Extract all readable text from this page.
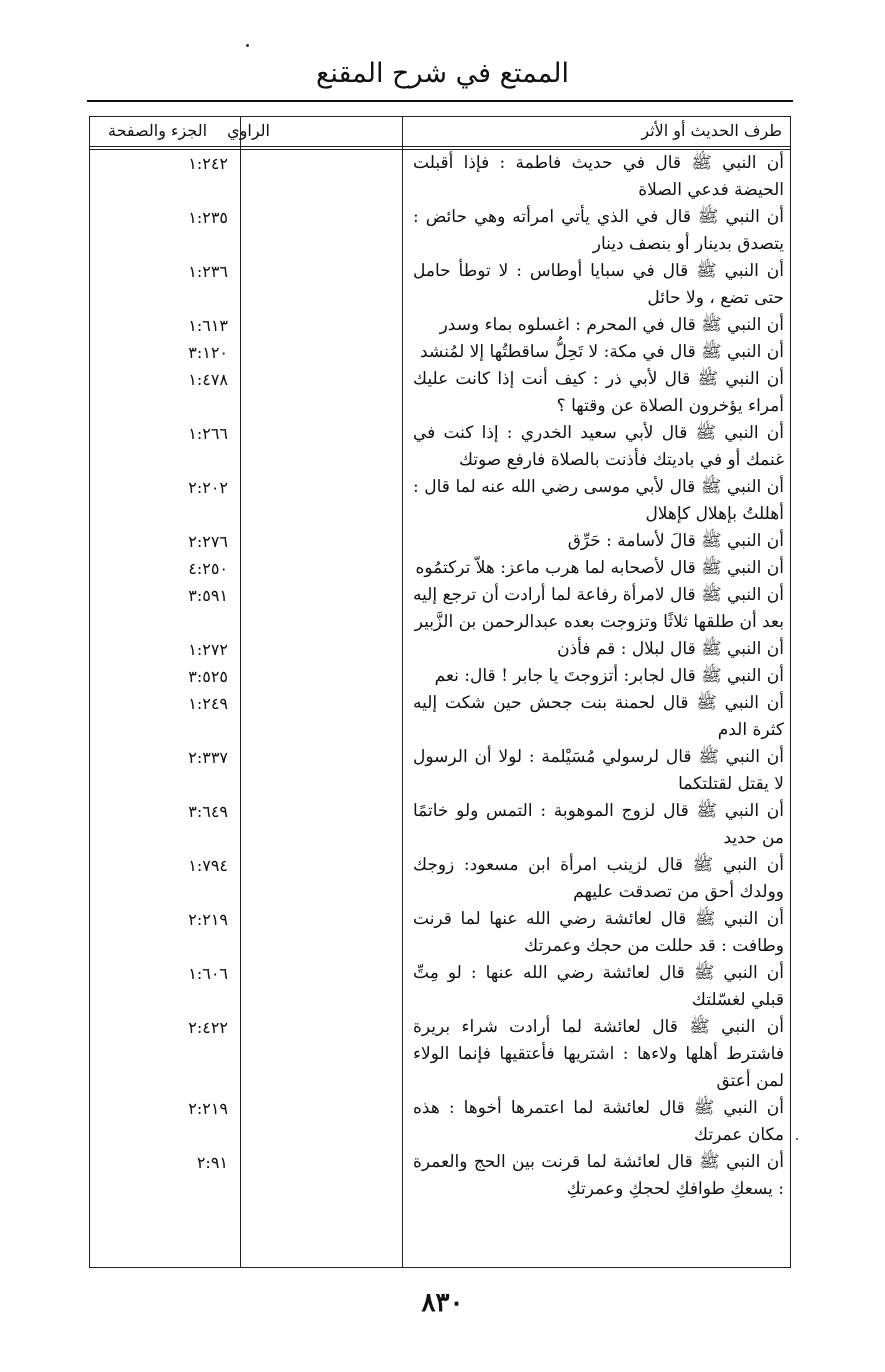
الممتع في شرح المقنع
طرف الحديث أو الأثر
الراوي
الجزء والصفحة
أن النبي ﷺ قال في حديث فاطمة : فإذا أقبلت الحيضة فدعي الصلاة
١:٢٤٢
أن النبي ﷺ قال في الذي يأتي امرأته وهي حائض : يتصدق بدينار أو بنصف دينار
١:٢٣٥
أن النبي ﷺ قال في سبايا أوطاس : لا توطأ حامل حتى تضع ، ولا حائل
١:٢٣٦
أن النبي ﷺ قال في المحرم : اغسلوه بماء وسدر
١:٦١٣
أن النبي ﷺ قال في مكة: لا تَحِلُّ ساقطتُها إلا لمُنشد
٣:١٢٠
أن النبي ﷺ قال لأبي ذر : كيف أنت إذا كانت عليك أمراء يؤخرون الصلاة عن وقتها ؟
١:٤٧٨
أن النبي ﷺ قال لأبي سعيد الخدري : إذا كنت في غنمك أو في باديتك فأذنت بالصلاة فارفع صوتك
١:٢٦٦
أن النبي ﷺ قال لأبي موسى رضي الله عنه لما قال : أهللتُ بإهلال كإهلال
٢:٢٠٢
أن النبي ﷺ قالَ لأسامة : حَرِّق
٢:٢٧٦
أن النبي ﷺ قال لأصحابه لما هرب ماعز: هلاّ تركتمُوه
٤:٢٥٠
أن النبي ﷺ قال لامرأة رفاعة لما أرادت أن ترجع إليه بعد أن طلقها ثلاثًا وتزوجت بعده عبدالرحمن بن الزَّبير
٣:٥٩١
أن النبي ﷺ قال لبلال : قم فأذن
١:٢٧٢
أن النبي ﷺ قال لجابر: أتزوجتَ يا جابر ! قال: نعم
٣:٥٢٥
أن النبي ﷺ قال لحمنة بنت جحش حين شكت إليه كثرة الدم
١:٢٤٩
أن النبي ﷺ قال لرسولي مُسَيْلمة : لولا أن الرسول لا يقتل لقتلتكما
٢:٣٣٧
أن النبي ﷺ قال لزوج الموهوبة : التمس ولو خاتمًا من حديد
٣:٦٤٩
أن النبي ﷺ قال لزينب امرأة ابن مسعود: زوجك وولدك أحق من تصدقت عليهم
١:٧٩٤
أن النبي ﷺ قال لعائشة رضي الله عنها لما قرنت وطافت : قد حللت من حجك وعمرتك
٢:٢١٩
أن النبي ﷺ قال لعائشة رضي الله عنها : لو مِتِّ قبلي لغسّلتك
١:٦٠٦
أن النبي ﷺ قال لعائشة لما أرادت شراء بريرة فاشترط أهلها ولاءها : اشتريها فأعتقيها فإنما الولاء لمن أعتق
٢:٤٢٢
أن النبي ﷺ قال لعائشة لما اعتمرها أخوها : هذه مكان عمرتك
٢:٢١٩
أن النبي ﷺ قال لعائشة لما قرنت بين الحج والعمرة : يسعكِ طوافكِ لحجكِ وعمرتكِ
٢:٩١
٨٣٠
